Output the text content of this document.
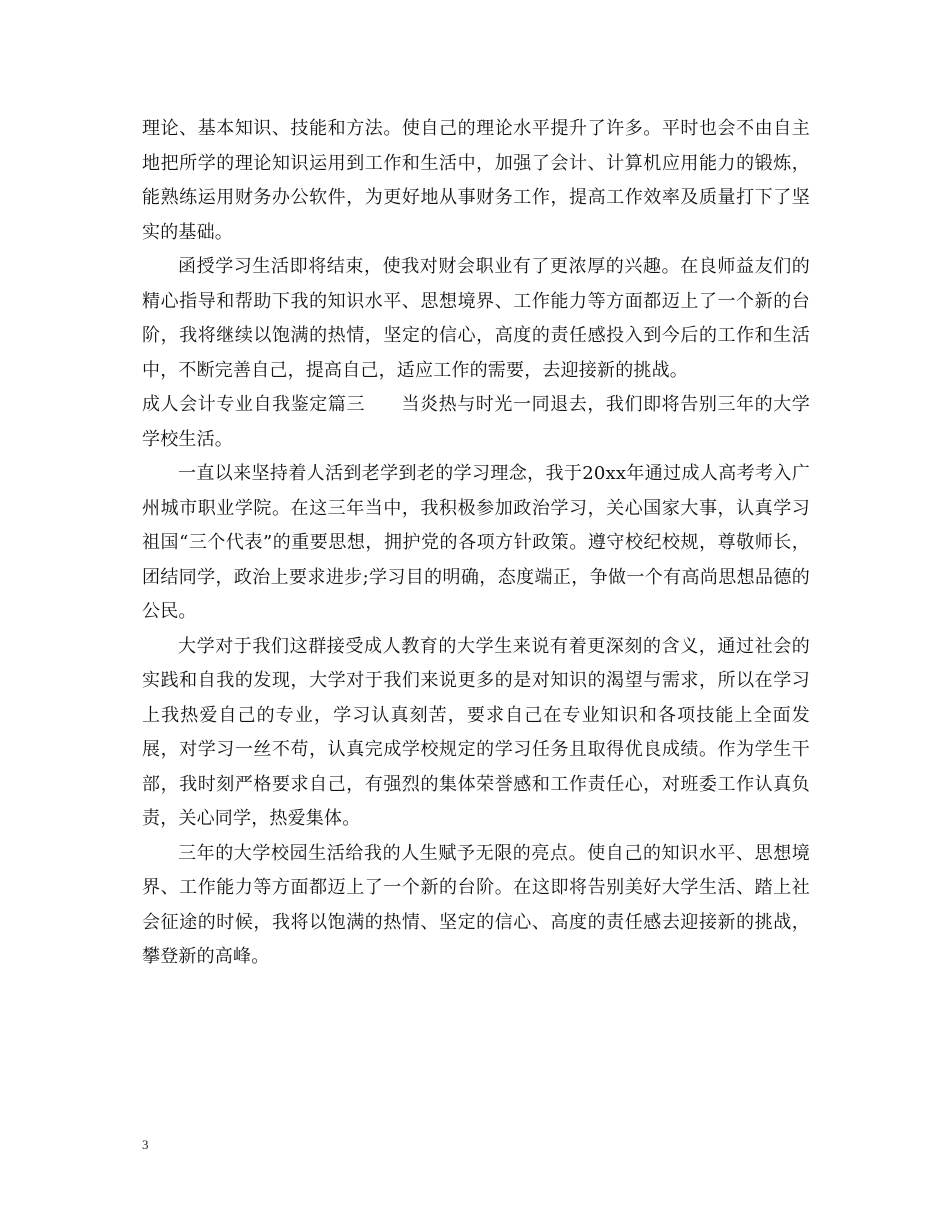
理论、基本知识、技能和方法。使自己的理论水平提升了许多。平时也会不由自主地把所学的理论知识运用到工作和生活中，加强了会计、计算机应用能力的锻炼，能熟练运用财务办公软件，为更好地从事财务工作，提高工作效率及质量打下了坚实的基础。

函授学习生活即将结束，使我对财会职业有了更浓厚的兴趣。在良师益友们的精心指导和帮助下我的知识水平、思想境界、工作能力等方面都迈上了一个新的台阶，我将继续以饱满的热情，坚定的信心，高度的责任感投入到今后的工作和生活中，不断完善自己，提高自己，适应工作的需要，去迎接新的挑战。

成人会计专业自我鉴定篇三 当炎热与时光一同退去，我们即将告别三年的大学学校生活。

一直以来坚持着人活到老学到老的学习理念，我于20xx年通过成人高考考入广州城市职业学院。在这三年当中，我积极参加政治学习，关心国家大事，认真学习祖国“三个代表”的重要思想，拥护党的各项方针政策。遵守校纪校规，尊敬师长，团结同学，政治上要求进步;学习目的明确，态度端正，争做一个有高尚思想品德的公民。

大学对于我们这群接受成人教育的大学生来说有着更深刻的含义，通过社会的实践和自我的发现，大学对于我们来说更多的是对知识的渴望与需求，所以在学习上我热爱自己的专业，学习认真刻苦，要求自己在专业知识和各项技能上全面发展，对学习一丝不苟，认真完成学校规定的学习任务且取得优良成绩。作为学生干部，我时刻严格要求自己，有强烈的集体荣誉感和工作责任心，对班委工作认真负责，关心同学，热爱集体。

三年的大学校园生活给我的人生赋予无限的亮点。使自己的知识水平、思想境界、工作能力等方面都迈上了一个新的台阶。在这即将告别美好大学生活、踏上社会征途的时候，我将以饱满的热情、坚定的信心、高度的责任感去迎接新的挑战，攀登新的高峰。

3
